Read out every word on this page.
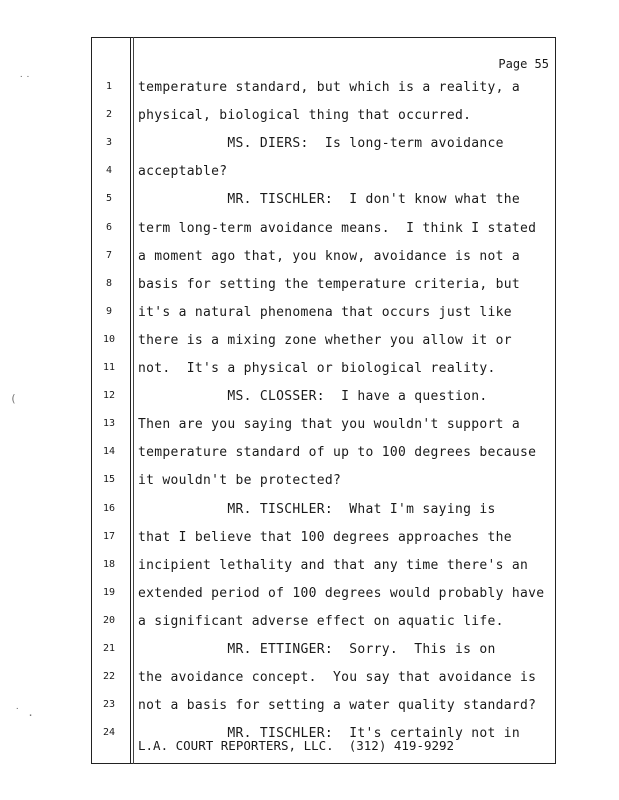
Page 55
1	temperature standard, but which is a reality, a
2	physical, biological thing that occurred.
3	MS. DIERS:  Is long-term avoidance
4	acceptable?
5	MR. TISCHLER:  I don't know what the
6	term long-term avoidance means.  I think I stated
7	a moment ago that, you know, avoidance is not a
8	basis for setting the temperature criteria, but
9	it's a natural phenomena that occurs just like
10	there is a mixing zone whether you allow it or
11	not.  It's a physical or biological reality.
12	MS. CLOSSER:  I have a question.
13	Then are you saying that you wouldn't support a
14	temperature standard of up to 100 degrees because
15	it wouldn't be protected?
16	MR. TISCHLER:  What I'm saying is
17	that I believe that 100 degrees approaches the
18	incipient lethality and that any time there's an
19	extended period of 100 degrees would probably have
20	a significant adverse effect on aquatic life.
21	MR. ETTINGER:  Sorry.  This is on
22	the avoidance concept.  You say that avoidance is
23	not a basis for setting a water quality standard?
24	MR. TISCHLER:  It's certainly not in
L.A. COURT REPORTERS, LLC.  (312) 419-9292
˙˙
(
˙ .
